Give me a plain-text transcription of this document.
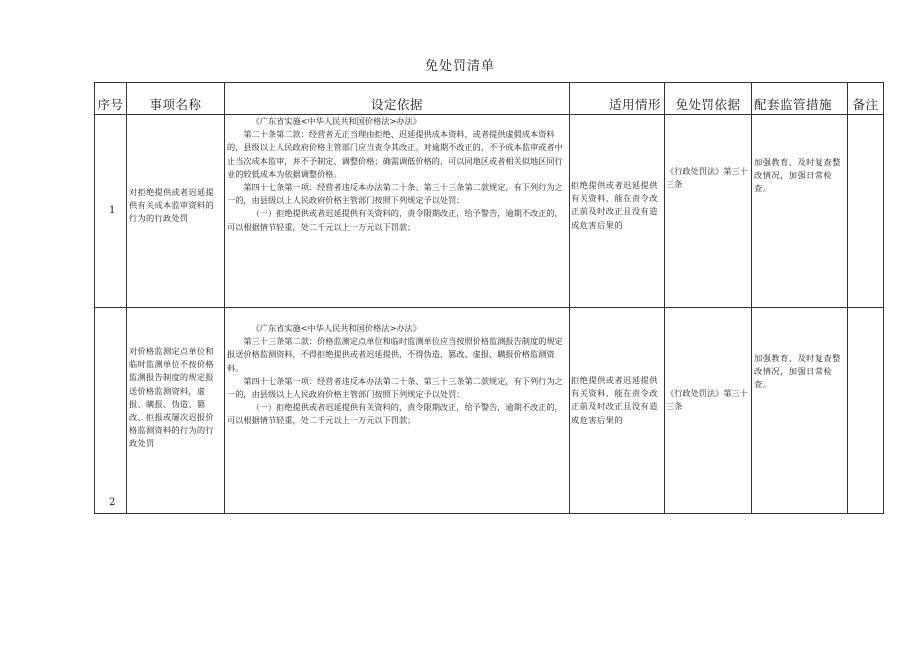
免处罚清单
序号	事项名称	设定依据	适用情形	免处罚依据	配套监管措施	备注

1	对拒绝提供或者迟延提供有关成本监审资料的行为的行政处罚	《广东省实施<中华人民共和国价格法>办法》

第二十条第二款：经营者无正当理由拒绝、迟延提供成本资料，或者提供虚假成本资料的，县级以上人民政府价格主管部门应当责令其改正。对逾期不改正的，不予成本监审或者中止当次成本监审，并不予制定、调整价格；确需调低价格的，可以同地区或者相关似地区同行业的较低成本为依据调整价格。

第四十七条第一项：经营者违反本办法第二十条、第三十三条第二款规定，有下列行为之一的，由县级以上人民政府价格主管部门按照下列规定予以处罚：

（一）拒绝提供或者迟延提供有关资料的，责令限期改正，给予警告，逾期不改正的，可以根据情节轻重，处二千元以上一万元以下罚款；	拒绝提供或者迟延提供有关资料，能在责令改正前及时改正且没有造成危害后果的	《行政处罚法》第三十三条	加强教育、及时复查整改情况，加强日常检查。	

2	对价格监测定点单位和临时监测单位不按价格监测报告制度的规定报送价格监测资料，虚报、瞒报、伪造、篡改、拒报或屡次迟报价格监测资料的行为的行政处罚	《广东省实施<中华人民共和国价格法>办法》

第三十三条第二款：价格监测定点单位和临时监测单位应当按照价格监测报告制度的规定报送价格监测资料，不得拒绝提供或者迟延提供，不得伪造、篡改、虚报、瞒报价格监测资料。

第四十七条第一项：经营者违反本办法第二十条、第三十三条第二款规定，有下列行为之一的，由县级以上人民政府价格主管部门按照下列规定予以处罚：

（一）拒绝提供或者迟延提供有关资料的，责令限期改正，给予警告，逾期不改正的，可以根据情节轻重，处二千元以上一万元以下罚款；	拒绝提供或者迟延提供有关资料，能在责令改正前及时改正且没有造成危害后果的	《行政处罚法》第三十三条	加强教育、及时复查整改情况，加强日常检查。	
